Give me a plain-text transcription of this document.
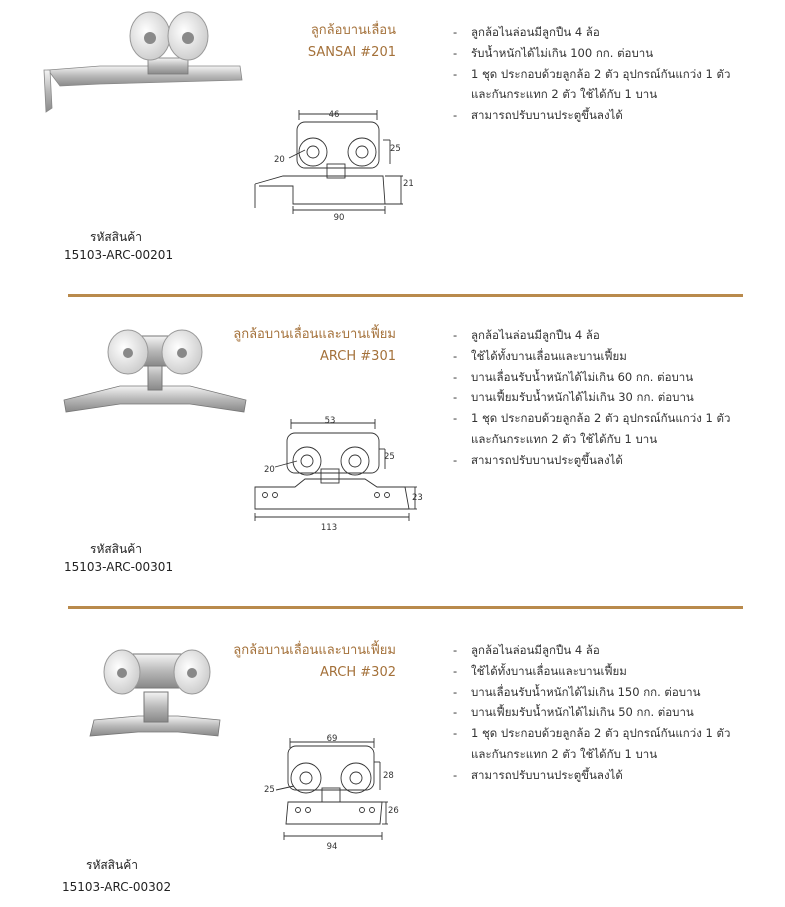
ลูกล้อบานเลื่อน
SANSAI #201
- ลูกล้อไนล่อนมีลูกปืน 4 ล้อ
- รับน้ำหนักได้ไม่เกิน 100 กก. ต่อบาน
- 1 ชุด ประกอบด้วยลูกล้อ 2 ตัว อุปกรณ์กันแกว่ง 1 ตัว
และกันกระแทก 2 ตัว ใช้ได้กับ 1 บาน
- สามารถปรับบานประตูขึ้นลงได้
46
25
20
21
90
รหัสสินค้า
15103-ARC-00201
ลูกล้อบานเลื่อนและบานเฟี้ยม
ARCH #301
- ลูกล้อไนล่อนมีลูกปืน 4 ล้อ
- ใช้ได้ทั้งบานเลื่อนและบานเฟี้ยม
- บานเลื่อนรับน้ำหนักได้ไม่เกิน 60 กก. ต่อบาน
- บานเฟี้ยมรับน้ำหนักได้ไม่เกิน 30 กก. ต่อบาน
- 1 ชุด ประกอบด้วยลูกล้อ 2 ตัว อุปกรณ์กันแกว่ง 1 ตัว
และกันกระแทก 2 ตัว ใช้ได้กับ 1 บาน
- สามารถปรับบานประตูขึ้นลงได้
53
25
20
23
113
รหัสสินค้า
15103-ARC-00301
ลูกล้อบานเลื่อนและบานเฟี้ยม
ARCH #302
- ลูกล้อไนล่อนมีลูกปืน 4 ล้อ
- ใช้ได้ทั้งบานเลื่อนและบานเฟี้ยม
- บานเลื่อนรับน้ำหนักได้ไม่เกิน 150 กก. ต่อบาน
- บานเฟี้ยมรับน้ำหนักได้ไม่เกิน 50 กก. ต่อบาน
- 1 ชุด ประกอบด้วยลูกล้อ 2 ตัว อุปกรณ์กันแกว่ง 1 ตัว
และกันกระแทก 2 ตัว ใช้ได้กับ 1 บาน
- สามารถปรับบานประตูขึ้นลงได้
69
28
25
26
94
รหัสสินค้า
15103-ARC-00302
